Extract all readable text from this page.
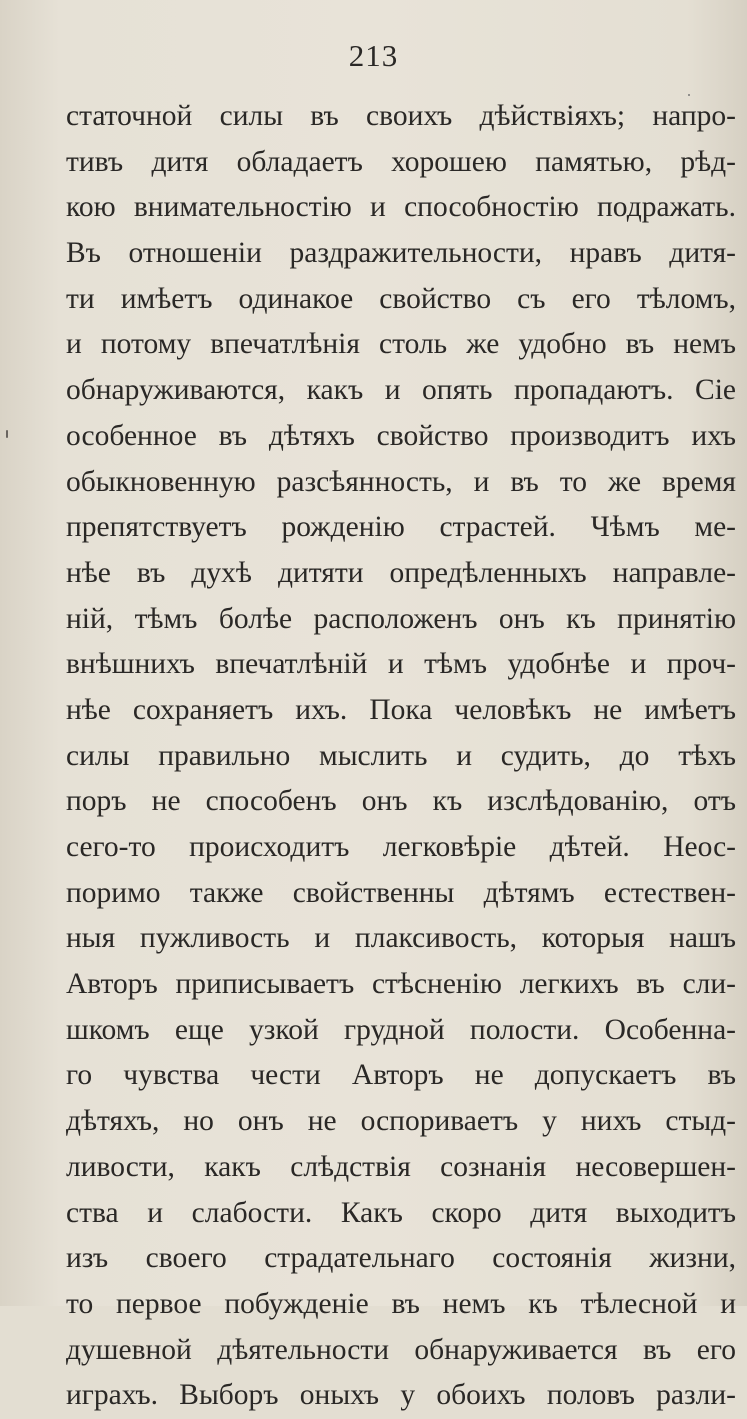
213
статочной силы въ своихъ дѣйствiяхъ; напро-
тивъ дитя обладаетъ хорошею памятью, рѣд-
кою внимательностiю и способностiю подражать.
Въ отношенiи раздражительности, нравъ дитя-
ти имѣетъ одинакое свойство съ его тѣломъ,
и потому впечатлѣнiя столь же удобно въ немъ
обнаруживаются, какъ и опять пропадаютъ. Сiе
особенное въ дѣтяхъ свойство производитъ ихъ
обыкновенную разсѣянность, и въ то же время
препятствуетъ рожденiю страстей. Чѣмъ ме-
нѣе въ духѣ дитяти опредѣленныхъ направле-
нiй, тѣмъ болѣе расположенъ онъ къ принятiю
внѣшнихъ впечатлѣнiй и тѣмъ удобнѣе и проч-
нѣе сохраняетъ ихъ. Пока человѣкъ не имѣетъ
силы правильно мыслить и судить, до тѣхъ
поръ не способенъ онъ къ изслѣдованiю, отъ
сего-то происходитъ легковѣрiе дѣтей. Неос-
поримо также свойственны дѣтямъ естествен-
ныя пужливость и плаксивость, которыя нашъ
Авторъ приписываетъ стѣсненiю легкихъ въ сли-
шкомъ еще узкой грудной полости. Особенна-
го чувства чести Авторъ не допускаетъ въ
дѣтяхъ, но онъ не оспориваетъ у нихъ стыд-
ливости, какъ слѣдствiя сознанiя несовершен-
ства и слабости. Какъ скоро дитя выходитъ
изъ своего страдательнаго состоянiя жизни,
то первое побужденiе въ немъ къ тѣлесной и
душевной дѣятельности обнаруживается въ его
играхъ. Выборъ оныхъ у обоихъ половъ разли-
